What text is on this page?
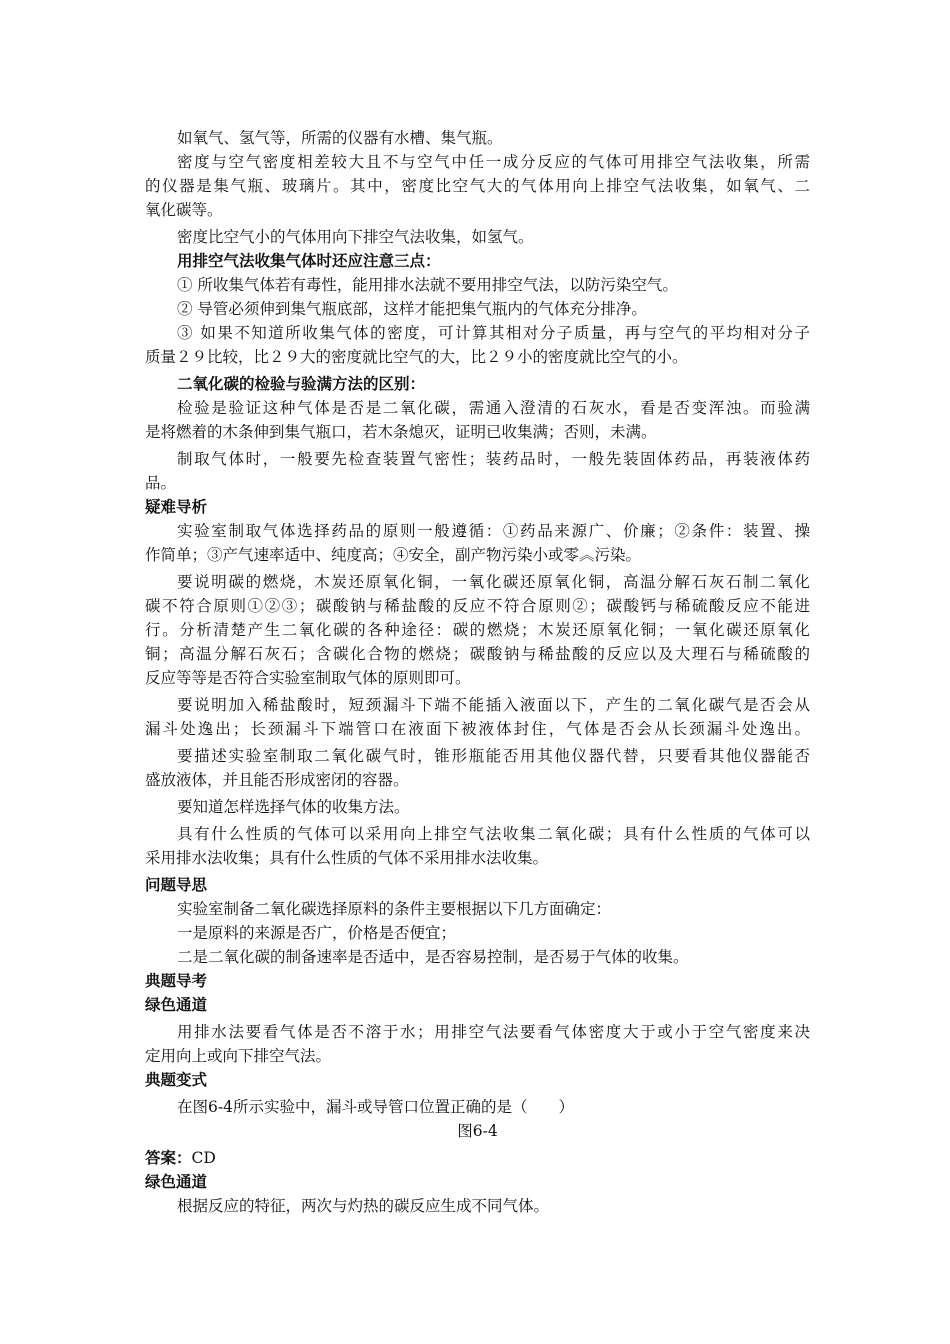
如氧气、氢气等，所需的仪器有水槽、集气瓶。
密度与空气密度相差较大且不与空气中任一成分反应的气体可用排空气法收集，所需
的仪器是集气瓶、玻璃片。其中，密度比空气大的气体用向上排空气法收集，如氧气、二
氧化碳等。
密度比空气小的气体用向下排空气法收集，如氢气。
用排空气法收集气体时还应注意三点：
① 所收集气体若有毒性，能用排水法就不要用排空气法，以防污染空气。
② 导管必须伸到集气瓶底部，这样才能把集气瓶内的气体充分排净。
③ 如果不知道所收集气体的密度，可计算其相对分子质量，再与空气的平均相对分子
质量２９比较，比２９大的密度就比空气的大，比２９小的密度就比空气的小。
二氧化碳的检验与验满方法的区别：
检验是验证这种气体是否是二氧化碳，需通入澄清的石灰水，看是否变浑浊。而验满
是将燃着的木条伸到集气瓶口，若木条熄灭，证明已收集满；否则，未满。
制取气体时，一般要先检查装置气密性；装药品时，一般先装固体药品，再装液体药
品。
疑难导析
实验室制取气体选择药品的原则一般遵循：①药品来源广、价廉；②条件：装置、操
作简单；③产气速率适中、纯度高；④安全，副产物污染小或零︽污染。
要说明碳的燃烧，木炭还原氧化铜，一氧化碳还原氧化铜，高温分解石灰石制二氧化
碳不符合原则①②③；碳酸钠与稀盐酸的反应不符合原则②；碳酸钙与稀硫酸反应不能进
行。分析清楚产生二氧化碳的各种途径：碳的燃烧；木炭还原氧化铜；一氧化碳还原氧化
铜；高温分解石灰石；含碳化合物的燃烧；碳酸钠与稀盐酸的反应以及大理石与稀硫酸的
反应等等是否符合实验室制取气体的原则即可。
要说明加入稀盐酸时，短颈漏斗下端不能插入液面以下，产生的二氧化碳气是否会从
漏斗处逸出；长颈漏斗下端管口在液面下被液体封住，气体是否会从长颈漏斗处逸出。
要描述实验室制取二氧化碳气时，锥形瓶能否用其他仪器代替，只要看其他仪器能否
盛放液体，并且能否形成密闭的容器。
要知道怎样选择气体的收集方法。
具有什么性质的气体可以采用向上排空气法收集二氧化碳；具有什么性质的气体可以
采用排水法收集；具有什么性质的气体不采用排水法收集。
问题导思
实验室制备二氧化碳选择原料的条件主要根据以下几方面确定：
一是原料的来源是否广，价格是否便宜；
二是二氧化碳的制备速率是否适中，是否容易控制，是否易于气体的收集。
典题导考
绿色通道
用排水法要看气体是否不溶于水；用排空气法要看气体密度大于或小于空气密度来决
定用向上或向下排空气法。
典题变式
在图6-4所示实验中，漏斗或导管口位置正确的是（　　）
图6-4
答案：CD
绿色通道
根据反应的特征，两次与灼热的碳反应生成不同气体。
